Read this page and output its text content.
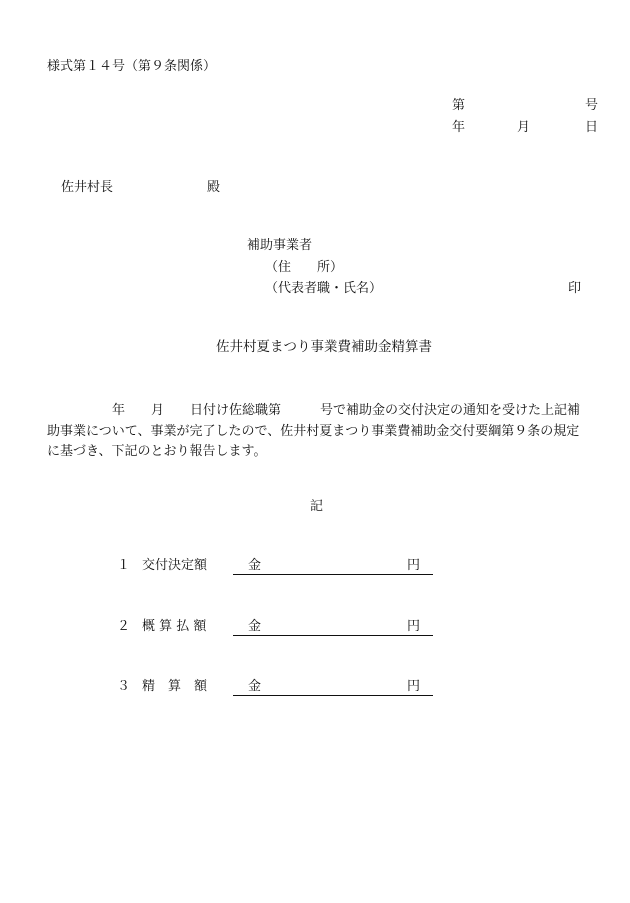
様式第１４号（第９条関係）
第	号
年	月	日
佐井村長	殿
補助事業者
（住　　所）
（代表者職・氏名）	印
佐井村夏まつり事業費補助金精算書
年　　月　　日付け佐総職第　　　号で補助金の交付決定の通知を受けた上記補
助事業について、事業が完了したので、佐井村夏まつり事業費補助金交付要綱第９条の規定
に基づき、下記のとおり報告します。
記
１ 交付決定額	金	円
２ 概 算 払 額	金	円
３ 精　算　額	金	円
